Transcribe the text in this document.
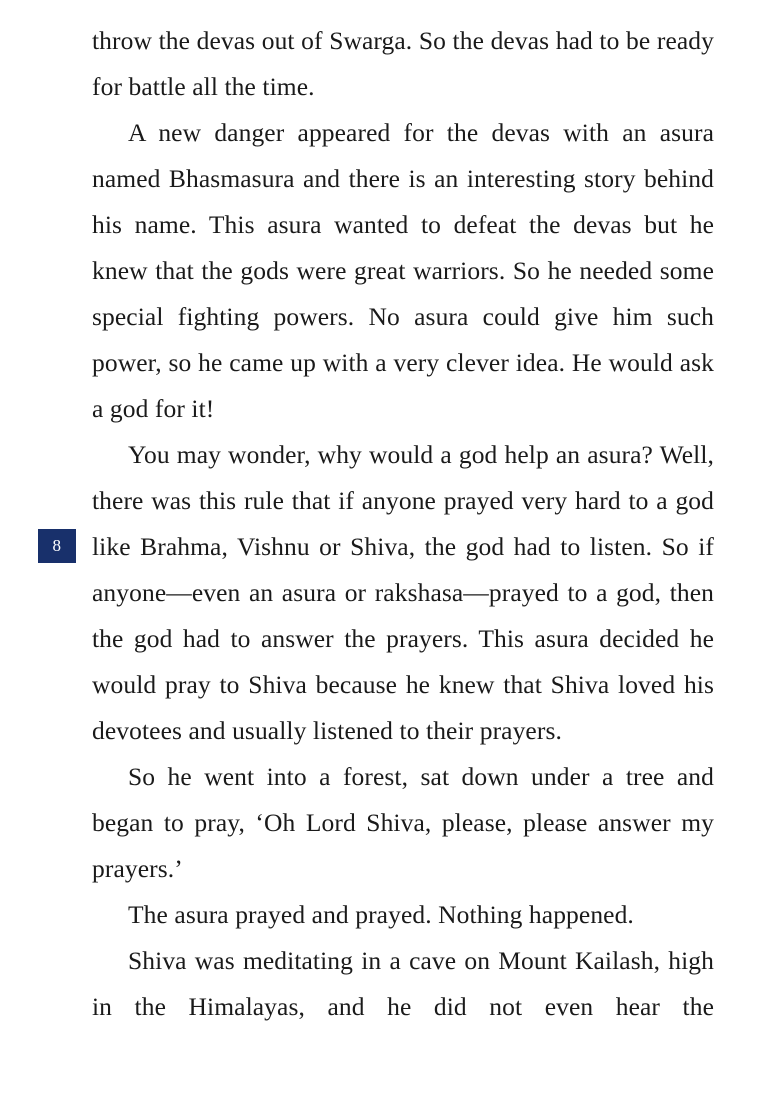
8

throw the devas out of Swarga. So the devas had to be ready for battle all the time.

A new danger appeared for the devas with an asura named Bhasmasura and there is an interesting story behind his name. This asura wanted to defeat the devas but he knew that the gods were great warriors. So he needed some special fighting powers. No asura could give him such power, so he came up with a very clever idea. He would ask a god for it!

You may wonder, why would a god help an asura? Well, there was this rule that if anyone prayed very hard to a god like Brahma, Vishnu or Shiva, the god had to listen. So if anyone—even an asura or rakshasa—prayed to a god, then the god had to answer the prayers. This asura decided he would pray to Shiva because he knew that Shiva loved his devotees and usually listened to their prayers.

So he went into a forest, sat down under a tree and began to pray, ‘Oh Lord Shiva, please, please answer my prayers.’

The asura prayed and prayed. Nothing happened.

Shiva was meditating in a cave on Mount Kailash, high in the Himalayas, and he did not even hear the
